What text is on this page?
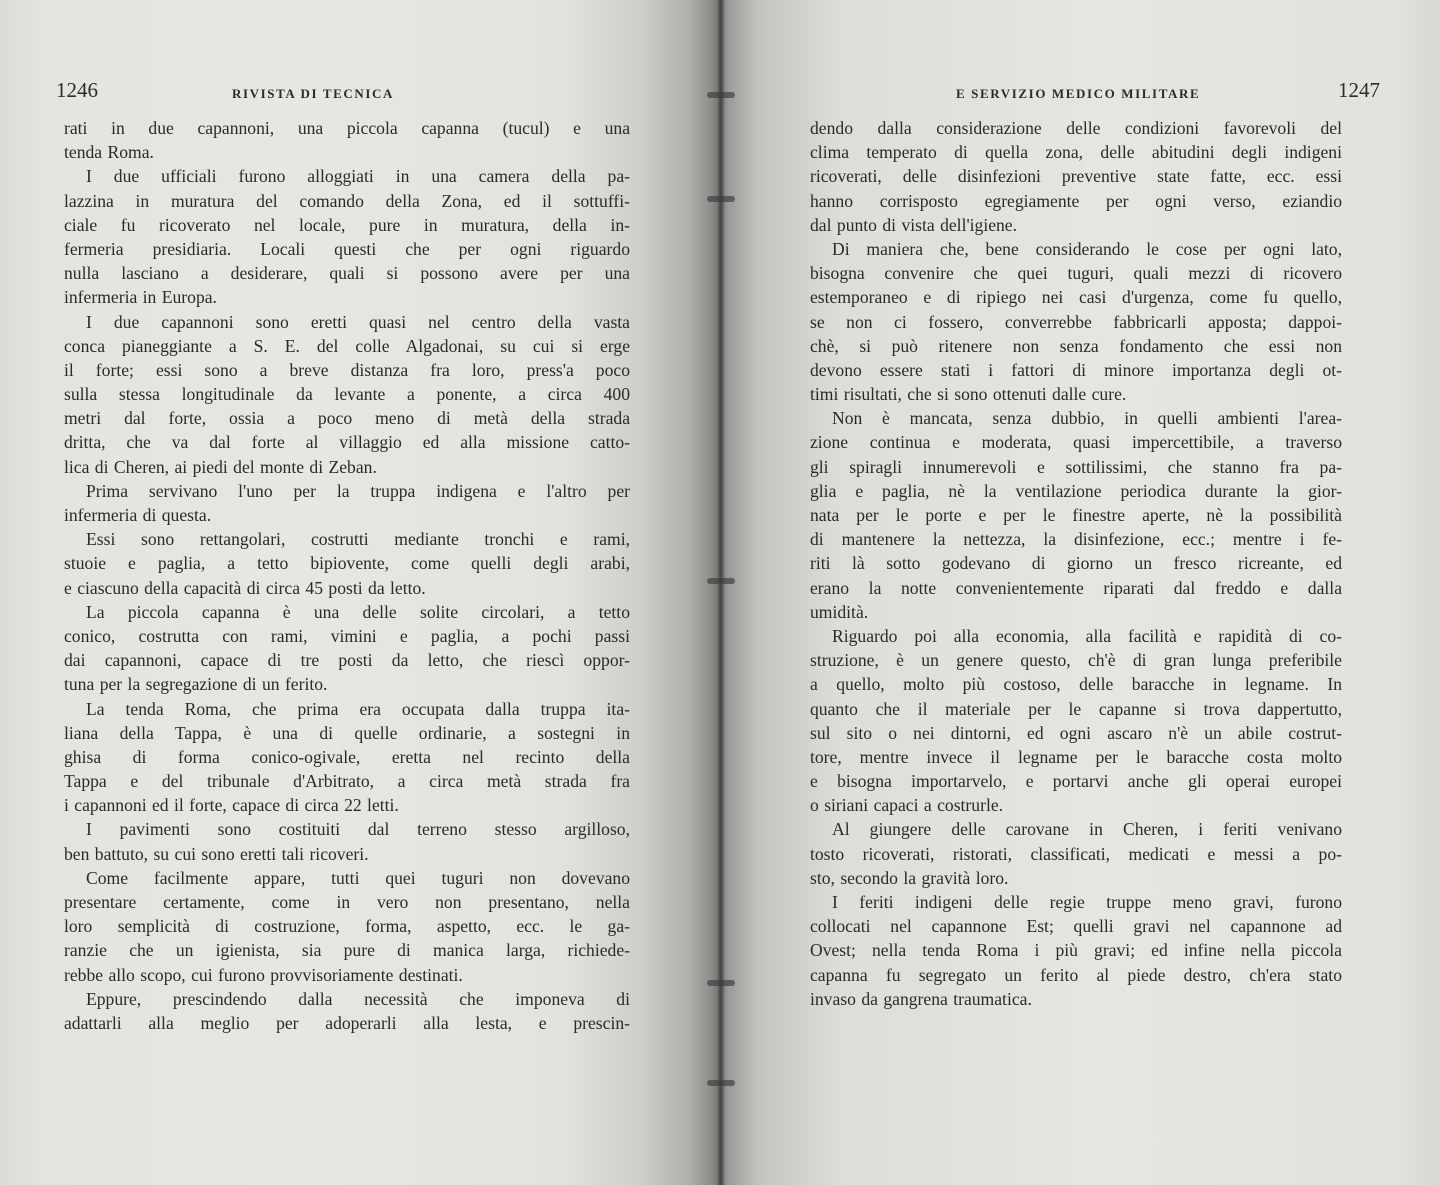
1246	RIVISTA DI TECNICA
rati in due capannoni, una piccola capanna (tucul) e una
tenda Roma.
I due ufficiali furono alloggiati in una camera della pa-
lazzina in muratura del comando della Zona, ed il sottuffi-
ciale fu ricoverato nel locale, pure in muratura, della in-
fermeria presidiaria. Locali questi che per ogni riguardo
nulla lasciano a desiderare, quali si possono avere per una
infermeria in Europa.
I due capannoni sono eretti quasi nel centro della vasta
conca pianeggiante a S. E. del colle Algadonai, su cui si erge
il forte; essi sono a breve distanza fra loro, press'a poco
sulla stessa longitudinale da levante a ponente, a circa 400
metri dal forte, ossia a poco meno di metà della strada
dritta, che va dal forte al villaggio ed alla missione catto-
lica di Cheren, ai piedi del monte di Zeban.
Prima servivano l'uno per la truppa indigena e l'altro per
infermeria di questa.
Essi sono rettangolari, costrutti mediante tronchi e rami,
stuoie e paglia, a tetto bipiovente, come quelli degli arabi,
e ciascuno della capacità di circa 45 posti da letto.
La piccola capanna è una delle solite circolari, a tetto
conico, costrutta con rami, vimini e paglia, a pochi passi
dai capannoni, capace di tre posti da letto, che riescì oppor-
tuna per la segregazione di un ferito.
La tenda Roma, che prima era occupata dalla truppa ita-
liana della Tappa, è una di quelle ordinarie, a sostegni in
ghisa di forma conico-ogivale, eretta nel recinto della
Tappa e del tribunale d'Arbitrato, a circa metà strada fra
i capannoni ed il forte, capace di circa 22 letti.
I pavimenti sono costituiti dal terreno stesso argilloso,
ben battuto, su cui sono eretti tali ricoveri.
Come facilmente appare, tutti quei tuguri non dovevano
presentare certamente, come in vero non presentano, nella
loro semplicità di costruzione, forma, aspetto, ecc. le ga-
ranzie che un igienista, sia pure di manica larga, richiede-
rebbe allo scopo, cui furono provvisoriamente destinati.
Eppure, prescindendo dalla necessità che imponeva di
adattarli alla meglio per adoperarli alla lesta, e prescin-
E SERVIZIO MEDICO MILITARE	1247
dendo dalla considerazione delle condizioni favorevoli del
clima temperato di quella zona, delle abitudini degli indigeni
ricoverati, delle disinfezioni preventive state fatte, ecc. essi
hanno corrisposto egregiamente per ogni verso, eziandio
dal punto di vista dell'igiene.
Di maniera che, bene considerando le cose per ogni lato,
bisogna convenire che quei tuguri, quali mezzi di ricovero
estemporaneo e di ripiego nei casi d'urgenza, come fu quello,
se non ci fossero, converrebbe fabbricarli apposta; dappoi-
chè, si può ritenere non senza fondamento che essi non
devono essere stati i fattori di minore importanza degli ot-
timi risultati, che si sono ottenuti dalle cure.
Non è mancata, senza dubbio, in quelli ambienti l'area-
zione continua e moderata, quasi impercettibile, a traverso
gli spiragli innumerevoli e sottilissimi, che stanno fra pa-
glia e paglia, nè la ventilazione periodica durante la gior-
nata per le porte e per le finestre aperte, nè la possibilità
di mantenere la nettezza, la disinfezione, ecc.; mentre i fe-
riti là sotto godevano di giorno un fresco ricreante, ed
erano la notte convenientemente riparati dal freddo e dalla
umidità.
Riguardo poi alla economia, alla facilità e rapidità di co-
struzione, è un genere questo, ch'è di gran lunga preferibile
a quello, molto più costoso, delle baracche in legname. In
quanto che il materiale per le capanne si trova dappertutto,
sul sito o nei dintorni, ed ogni ascaro n'è un abile costrut-
tore, mentre invece il legname per le baracche costa molto
e bisogna importarvelo, e portarvi anche gli operai europei
o siriani capaci a costrurle.
Al giungere delle carovane in Cheren, i feriti venivano
tosto ricoverati, ristorati, classificati, medicati e messi a po-
sto, secondo la gravità loro.
I feriti indigeni delle regie truppe meno gravi, furono
collocati nel capannone Est; quelli gravi nel capannone ad
Ovest; nella tenda Roma i più gravi; ed infine nella piccola
capanna fu segregato un ferito al piede destro, ch'era stato
invaso da gangrena traumatica.
